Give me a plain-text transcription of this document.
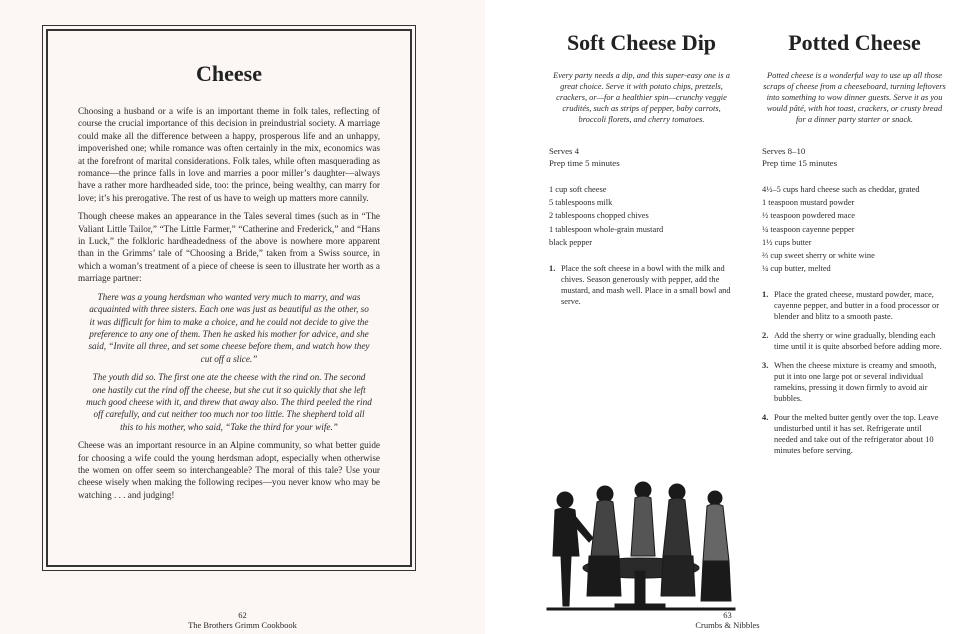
Cheese

Choosing a husband or a wife is an important theme in folk tales, reflecting of course the crucial importance of this decision in preindustrial society. A marriage could make all the difference between a happy, prosperous life and an unhappy, impoverished one; while romance was often certainly in the mix, economics was at the forefront of marital considerations. Folk tales, while often masquerading as romance—the prince falls in love and marries a poor miller’s daughter—always have a rather more hardheaded side, too: the prince, being wealthy, can marry for love; it’s his prerogative. The rest of us have to weigh up matters more cannily.

Though cheese makes an appearance in the Tales several times (such as in “The Valiant Little Tailor,” “The Little Farmer,” “Catherine and Frederick,” and “Hans in Luck,” the folkloric hardheadedness of the above is nowhere more apparent than in the Grimms’ tale of “Choosing a Bride,” taken from a Swiss source, in which a woman’s treatment of a piece of cheese is seen to illustrate her worth as a marriage partner:

There was a young herdsman who wanted very much to marry, and was acquainted with three sisters. Each one was just as beautiful as the other, so it was difficult for him to make a choice, and he could not decide to give the preference to any one of them. Then he asked his mother for advice, and she said, “Invite all three, and set some cheese before them, and watch how they cut off a slice.”

The youth did so. The first one ate the cheese with the rind on. The second one hastily cut the rind off the cheese, but she cut it so quickly that she left much good cheese with it, and threw that away also. The third peeled the rind off carefully, and cut neither too much nor too little. The shepherd told all this to his mother, who said, “Take the third for your wife.”

Cheese was an important resource in an Alpine community, so what better guide for choosing a wife could the young herdsman adopt, especially when otherwise the women on offer seem so interchangeable? The moral of this tale? Use your cheese wisely when making the following recipes—you never know who may be watching . . . and judging!

62
The Brothers Grimm Cookbook
Soft Cheese Dip

Every party needs a dip, and this super-easy one is a great choice. Serve it with potato chips, pretzels, crackers, or—for a healthier spin—crunchy veggie crudités, such as strips of pepper, baby carrots, broccoli florets, and cherry tomatoes.

Serves 4

Prep time 5 minutes

1 cup soft cheese

5 tablespoons milk

2 tablespoons chopped chives

1 tablespoon whole-grain mustard

black pepper

1. Place the soft cheese in a bowl with the milk and chives. Season generously with pepper, add the mustard, and mash well. Place in a small bowl and serve.
Potted Cheese

Potted cheese is a wonderful way to use up all those scraps of cheese from a cheeseboard, turning leftovers into something to wow dinner guests. Serve it as you would pâté, with hot toast, crackers, or crusty bread for a dinner party starter or snack.

Serves 8–10

Prep time 15 minutes

4½–5 cups hard cheese such as cheddar, grated

1 teaspoon mustard powder

½ teaspoon powdered mace

¼ teaspoon cayenne pepper

1½ cups butter

⅔ cup sweet sherry or white wine

¼ cup butter, melted

1. Place the grated cheese, mustard powder, mace, cayenne pepper, and butter in a food processor or blender and blitz to a smooth paste.
2. Add the sherry or wine gradually, blending each time until it is quite absorbed before adding more.
3. When the cheese mixture is creamy and smooth, put it into one large pot or several individual ramekins, pressing it down firmly to avoid air bubbles.
4. Pour the melted butter gently over the top. Leave undisturbed until it has set. Refrigerate until needed and take out of the refrigerator about 10 minutes before serving.
63
Crumbs & Nibbles
